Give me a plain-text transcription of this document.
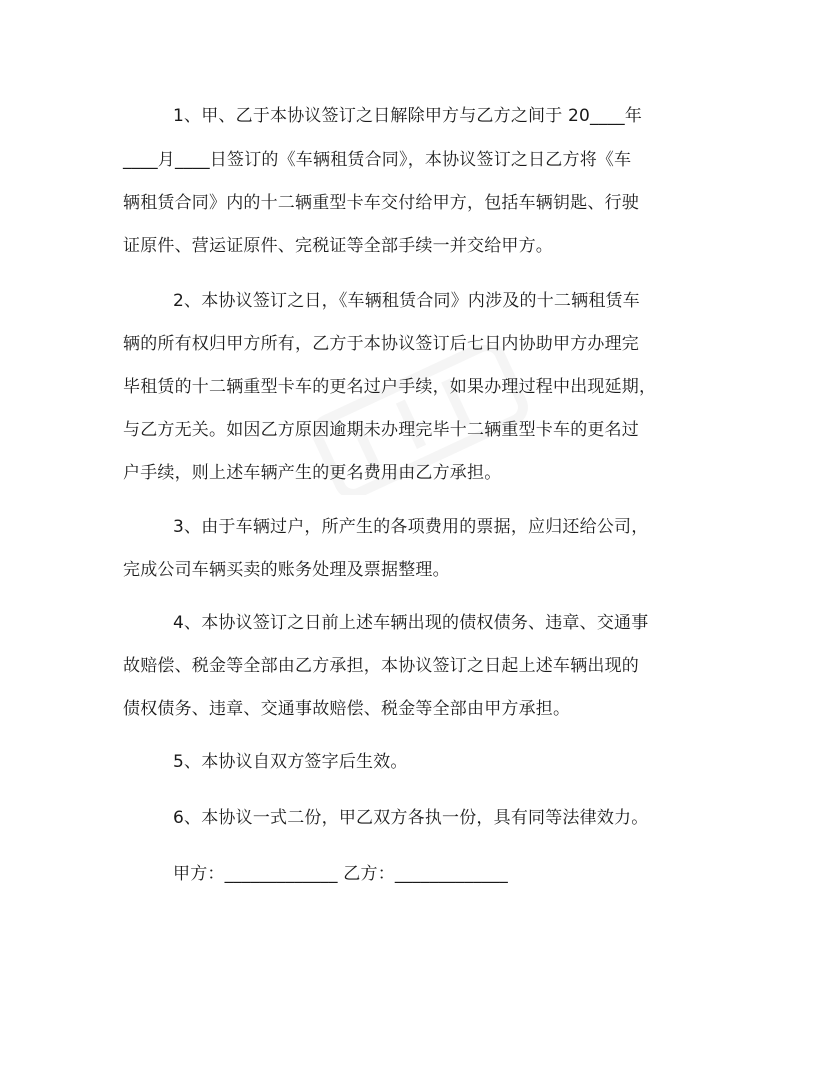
1、甲、乙于本协议签订之日解除甲方与乙方之间于 20____年
____月____日签订的《车辆租赁合同》，本协议签订之日乙方将《车
辆租赁合同》内的十二辆重型卡车交付给甲方，包括车辆钥匙、行驶
证原件、营运证原件、完税证等全部手续一并交给甲方。
2、本协议签订之日，《车辆租赁合同》内涉及的十二辆租赁车
辆的所有权归甲方所有，乙方于本协议签订后七日内协助甲方办理完
毕租赁的十二辆重型卡车的更名过户手续，如果办理过程中出现延期，
与乙方无关。如因乙方原因逾期未办理完毕十二辆重型卡车的更名过
户手续，则上述车辆产生的更名费用由乙方承担。
3、由于车辆过户，所产生的各项费用的票据，应归还给公司，
完成公司车辆买卖的账务处理及票据整理。
4、本协议签订之日前上述车辆出现的债权债务、违章、交通事
故赔偿、税金等全部由乙方承担，本协议签订之日起上述车辆出现的
债权债务、违章、交通事故赔偿、税金等全部由甲方承担。
5、本协议自双方签字后生效。
6、本协议一式二份，甲乙双方各执一份，具有同等法律效力。
甲方：_____________ 乙方：_____________
